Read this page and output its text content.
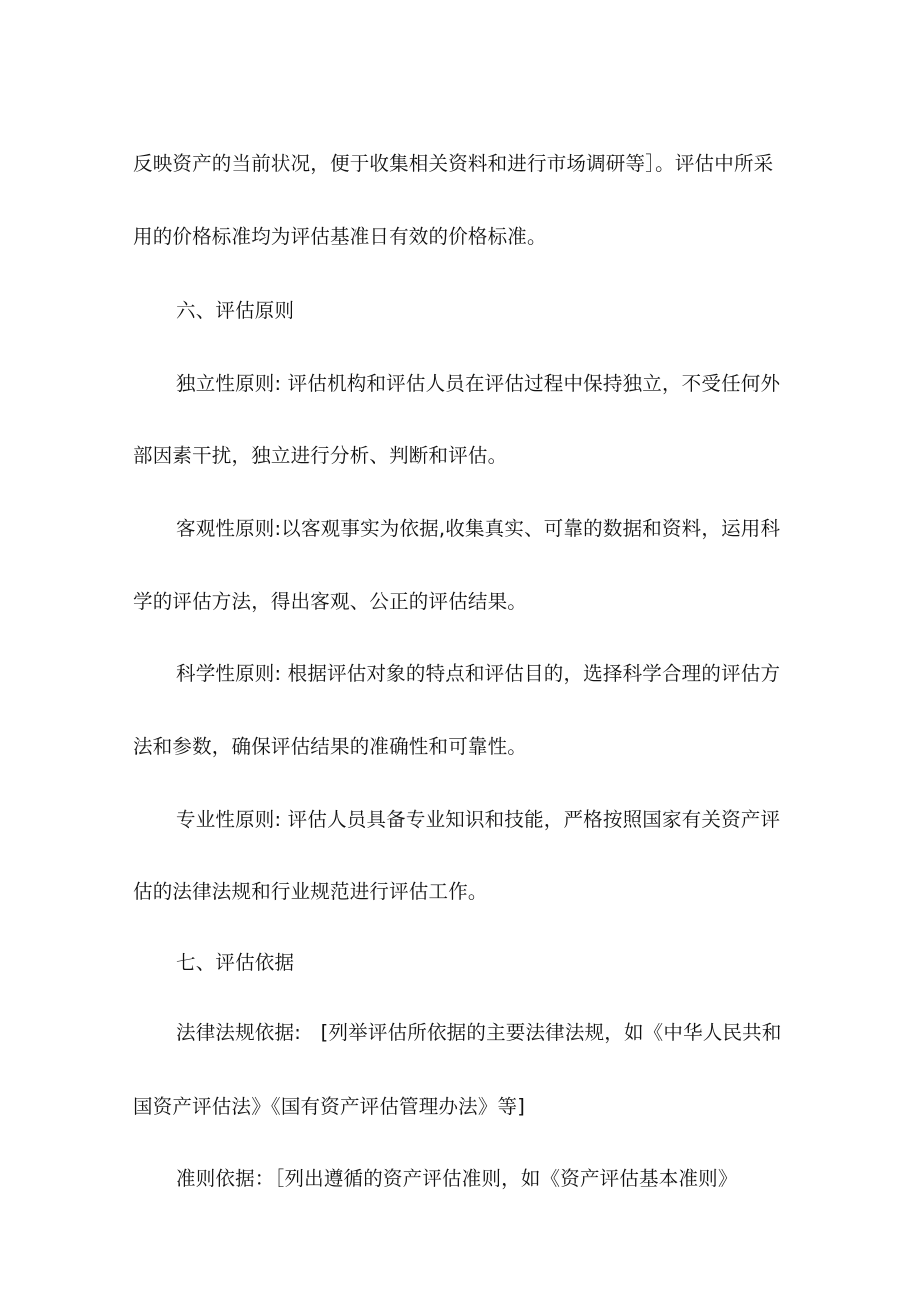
反映资产的当前状况，便于收集相关资料和进行市场调研等］。评估中所采
用的价格标准均为评估基准日有效的价格标准。
六、评估原则
独立性原则: 评估机构和评估人员在评估过程中保持独立，不受任何外
部因素干扰，独立进行分析、判断和评估。
客观性原则:以客观事实为依据,收集真实、可靠的数据和资料，运用科
学的评估方法，得出客观、公正的评估结果。
科学性原则: 根据评估对象的特点和评估目的，选择科学合理的评估方
法和参数，确保评估结果的准确性和可靠性。
专业性原则: 评估人员具备专业知识和技能，严格按照国家有关资产评
估的法律法规和行业规范进行评估工作。
七、评估依据
法律法规依据:　[列举评估所依据的主要法律法规，如《中华人民共和
国资产评估法》《国有资产评估管理办法》等]
准则依据：［列出遵循的资产评估准则，如《资产评估基本准则》
